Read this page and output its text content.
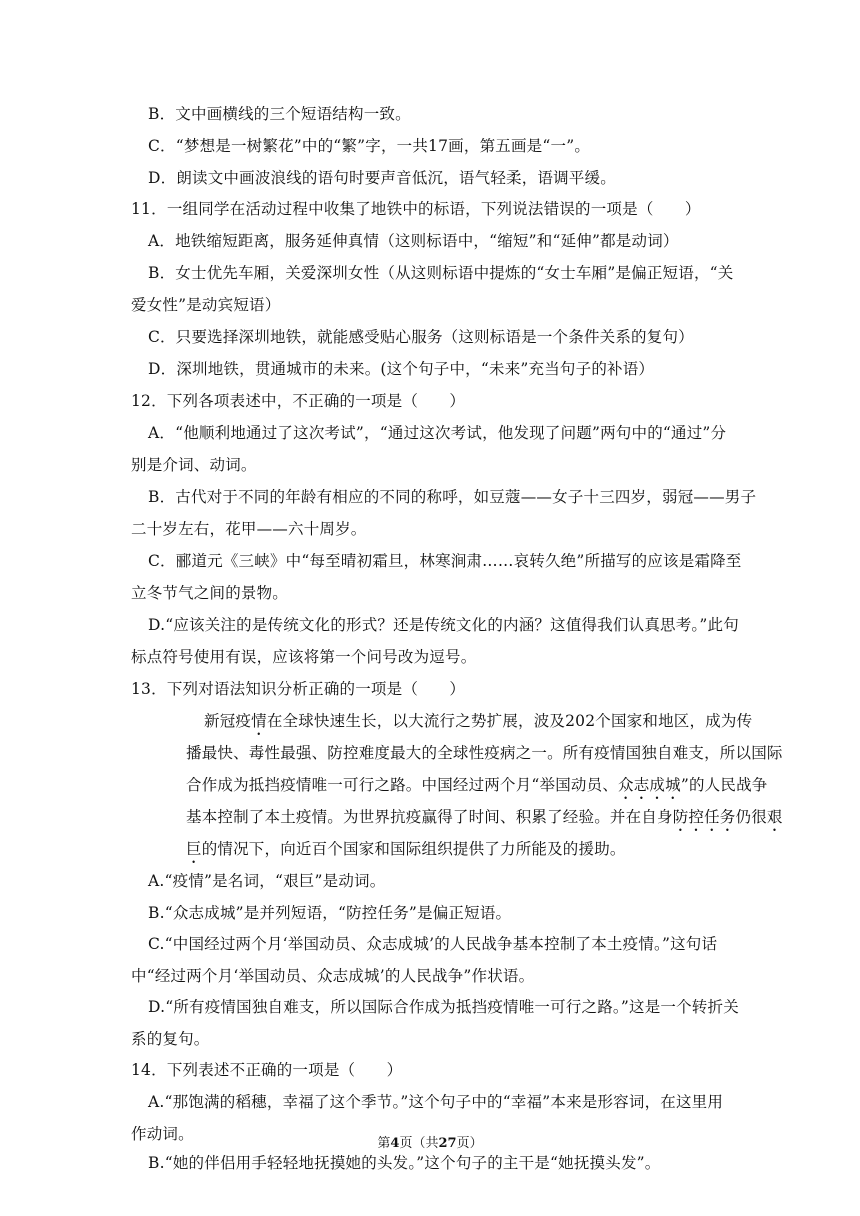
B．文中画横线的三个短语结构一致。
C．“梦想是一树繁花”中的“繁”字，一共17画，第五画是“一”。
D．朗读文中画波浪线的语句时要声音低沉，语气轻柔，语调平缓。
11．一组同学在活动过程中收集了地铁中的标语，下列说法错误的一项是（　　）
A．地铁缩短距离，服务延伸真情（这则标语中，“缩短”和“延伸”都是动词）
B．女士优先车厢，关爱深圳女性（从这则标语中提炼的“女士车厢”是偏正短语，“关
爱女性”是动宾短语）
C．只要选择深圳地铁，就能感受贴心服务（这则标语是一个条件关系的复句）
D．深圳地铁，贯通城市的未来。(这个句子中，“未来”充当句子的补语）
12．下列各项表述中，不正确的一项是（　　）
A．“他顺利地通过了这次考试”，“通过这次考试，他发现了问题”两句中的“通过”分
别是介词、动词。
B．古代对于不同的年龄有相应的不同的称呼，如豆蔻——女子十三四岁，弱冠——男子
二十岁左右，花甲——六十周岁。
C．郦道元《三峡》中“每至晴初霜旦，林寒涧肃……哀转久绝”所描写的应该是霜降至
立冬节气之间的景物。
D.“应该关注的是传统文化的形式？还是传统文化的内涵？这值得我们认真思考。”此句
标点符号使用有误，应该将第一个问号改为逗号。
13．下列对语法知识分析正确的一项是（　　）
新冠疫情在全球快速生长，以大流行之势扩展，波及202个国家和地区，成为传
播最快、毒性最强、防控难度最大的全球性疫病之一。所有疫情国独自难支，所以国际
合作成为抵挡疫情唯一可行之路。中国经过两个月“举国动员、众志成城”的人民战争
基本控制了本土疫情。为世界抗疫赢得了时间、积累了经验。并在自身防控任务仍很艰
巨的情况下，向近百个国家和国际组织提供了力所能及的援助。
A.“疫情”是名词，“艰巨”是动词。
B.“众志成城”是并列短语，“防控任务”是偏正短语。
C.“中国经过两个月‘举国动员、众志成城’的人民战争基本控制了本土疫情。”这句话
中“经过两个月‘举国动员、众志成城’的人民战争”作状语。
D.“所有疫情国独自难支，所以国际合作成为抵挡疫情唯一可行之路。”这是一个转折关
系的复句。
14．下列表述不正确的一项是（　　）
A.“那饱满的稻穗，幸福了这个季节。”这个句子中的“幸福”本来是形容词，在这里用
作动词。
B.“她的伴侣用手轻轻地抚摸她的头发。”这个句子的主干是“她抚摸头发”。
第4页（共27页）
